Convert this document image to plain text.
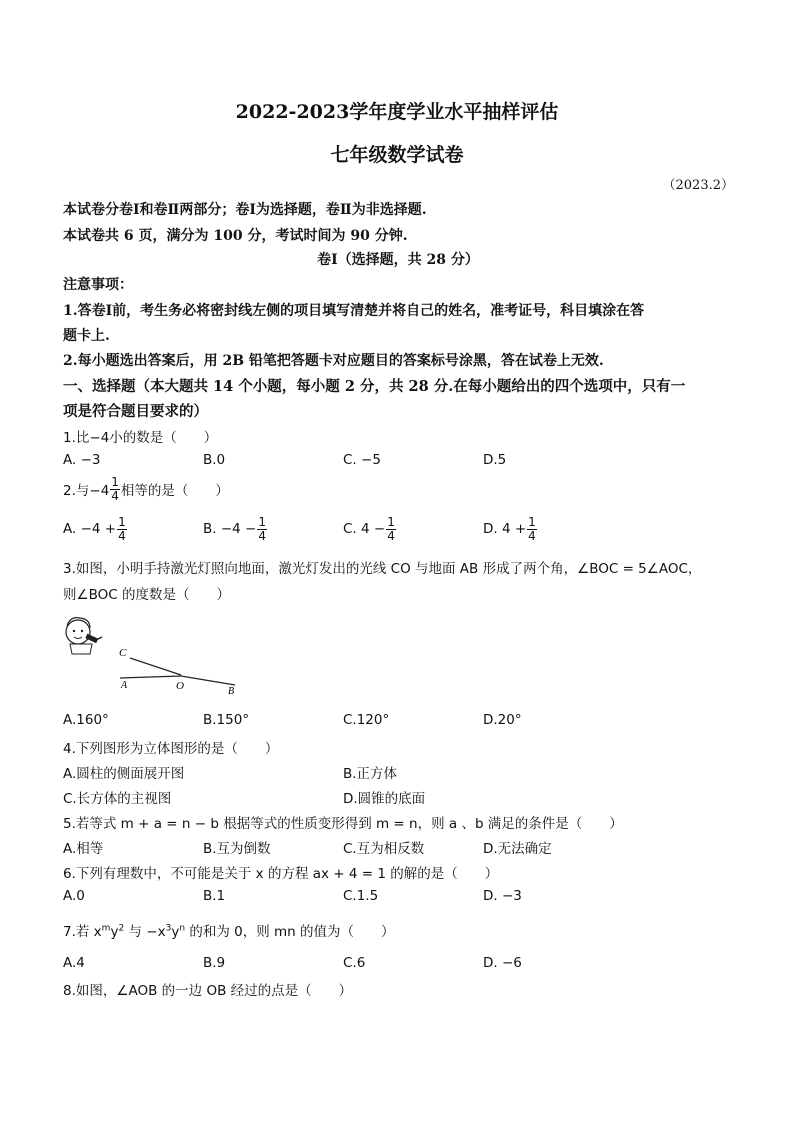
2022-2023学年度学业水平抽样评估
七年级数学试卷
（2023.2）
本试卷分卷Ⅰ和卷Ⅱ两部分；卷Ⅰ为选择题，卷Ⅱ为非选择题.
本试卷共 6 页，满分为 100 分，考试时间为 90 分钟.
卷Ⅰ（选择题，共 28 分）
注意事项：
1.答卷Ⅰ前，考生务必将密封线左侧的项目填写清楚并将自己的姓名，准考证号，科目填涂在答
题卡上.
2.每小题选出答案后，用 2B 铅笔把答题卡对应题目的答案标号涂黑，答在试卷上无效.
一、选择题（本大题共 14 个小题，每小题 2 分，共 28 分.在每小题给出的四个选项中，只有一
项是符合题目要求的）
1.比−4小的数是（　　）
A. −3	B.0	C. −5	D.5
2.与$-4 \frac{1}{4}$ 相等的是（　　）
A. $-4 + \frac{1}{4}$	B. $-4 - \frac{1}{4}$	C. $4 - \frac{1}{4}$	D. $4 + \frac{1}{4}$
3.如图，小明手持激光灯照向地面，激光灯发出的光线 CO 与地面 AB 形成了两个角，∠BOC = 5∠AOC，
则∠BOC 的度数是（　　）
C
A	O	B
A.160°	B.150°	C.120°	D.20°
4.下列图形为立体图形的是（　　）
A.圆柱的侧面展开图	B.正方体
C.长方体的主视图	D.圆锥的底面
5.若等式 m + a = n − b 根据等式的性质变形得到 m = n，则 a 、b 满足的条件是（　　）
A.相等	B.互为倒数	C.互为相反数	D.无法确定
6.下列有理数中，不可能是关于 x 的方程 ax + 4 = 1 的解的是（　　）
A.0	B.1	C.1.5	D. −3
7.若 $x^my^2$ 与 $-x^3y^n$ 的和为 0，则 mn 的值为（　　）
A.4	B.9	C.6	D. −6
8.如图，∠AOB 的一边 OB 经过的点是（　　）
